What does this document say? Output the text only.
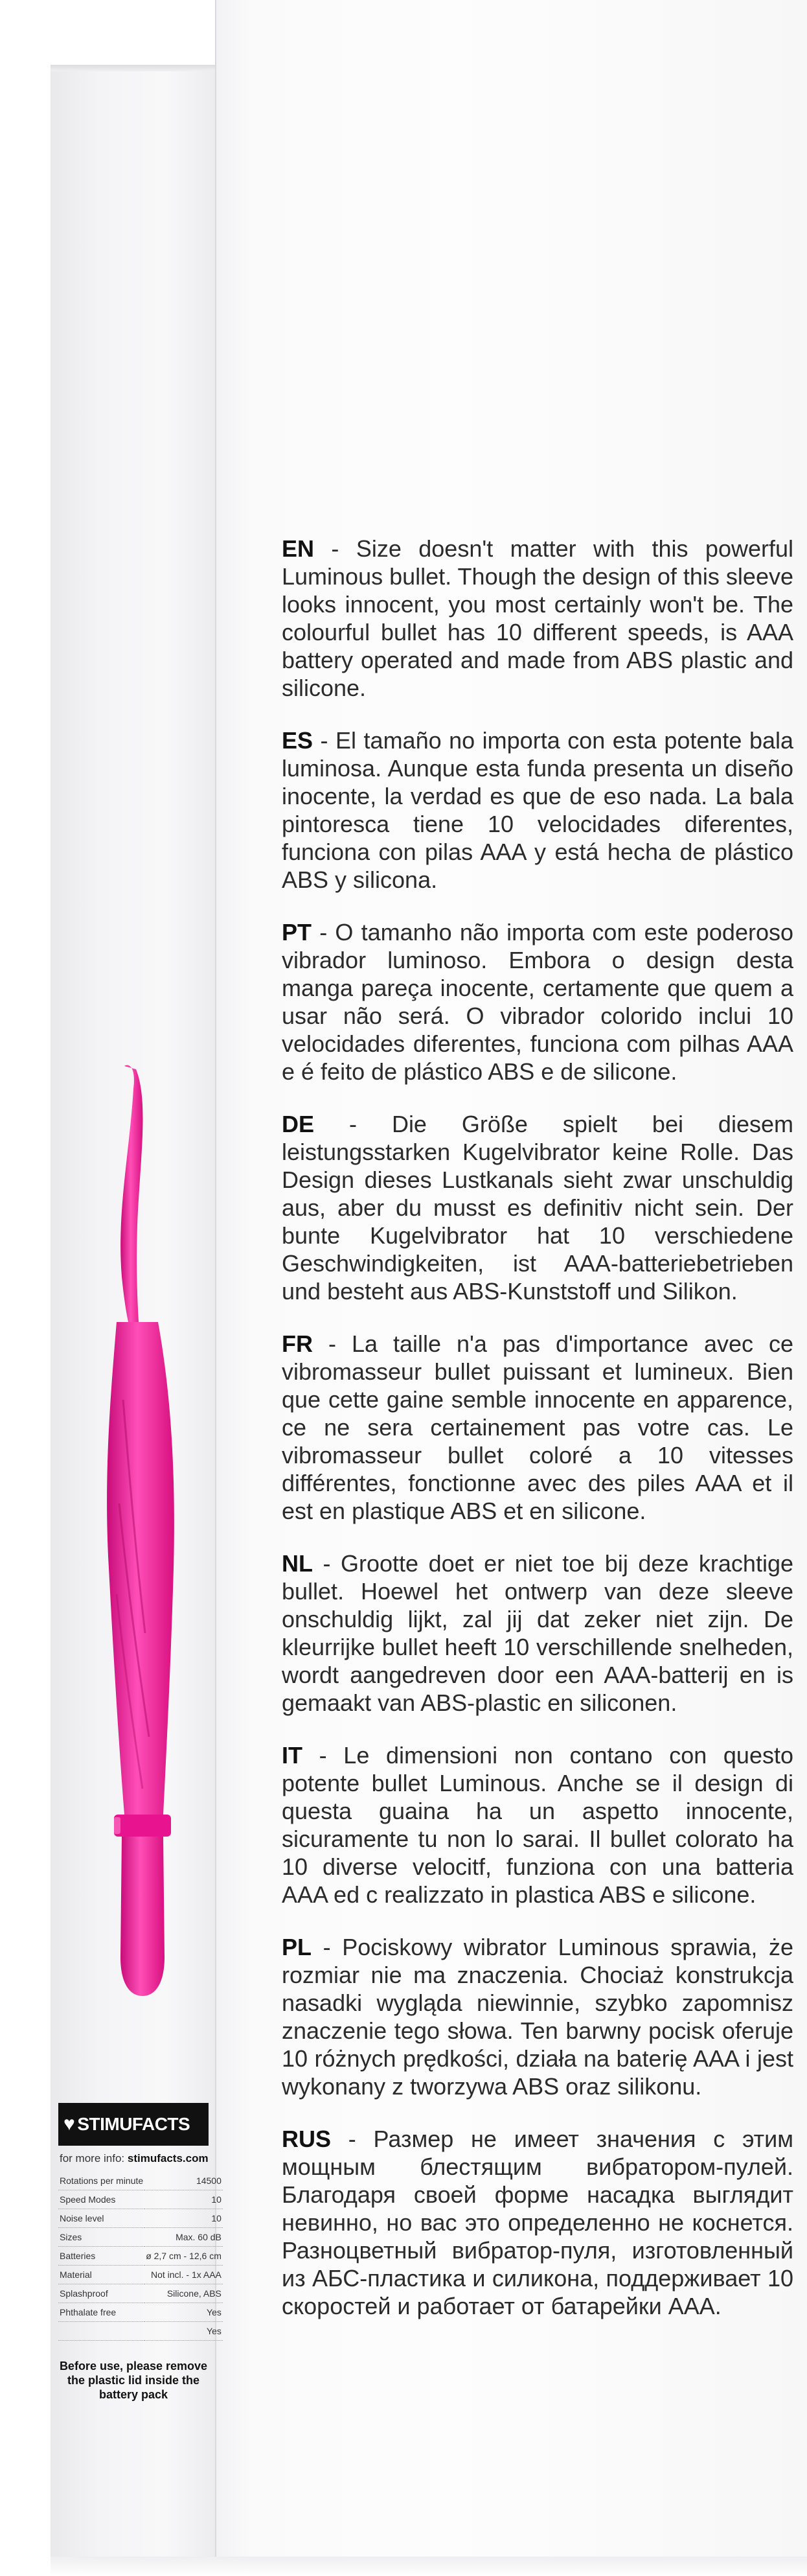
EN - Size doesn't matter with this powerful Luminous bullet. Though the design of this sleeve looks innocent, you most certainly won't be. The colourful bullet has 10 different speeds, is AAA battery operated and made from ABS plastic and silicone.

ES - El tamaño no importa con esta potente bala luminosa. Aunque esta funda presenta un diseño inocente, la verdad es que de eso nada. La bala pintoresca tiene 10 velocidades diferentes, funciona con pilas AAA y está hecha de plástico ABS y silicona.

PT - O tamanho não importa com este poderoso vibrador luminoso. Embora o design desta manga pareça inocente, certamente que quem a usar não será. O vibrador colorido inclui 10 velocidades diferentes, funciona com pilhas AAA e é feito de plástico ABS e de silicone.

DE - Die Größe spielt bei diesem leistungsstarken Kugelvibrator keine Rolle. Das Design dieses Lustkanals sieht zwar unschuldig aus, aber du musst es definitiv nicht sein. Der bunte Kugelvibrator hat 10 verschiedene Geschwindigkeiten, ist AAA-batteriebetrieben und besteht aus ABS-Kunststoff und Silikon.

FR - La taille n'a pas d'importance avec ce vibromasseur bullet puissant et lumineux. Bien que cette gaine semble innocente en apparence, ce ne sera certainement pas votre cas. Le vibromasseur bullet coloré a 10 vitesses différentes, fonctionne avec des piles AAA et il est en plastique ABS et en silicone.

NL - Grootte doet er niet toe bij deze krachtige bullet. Hoewel het ontwerp van deze sleeve onschuldig lijkt, zal jij dat zeker niet zijn. De kleurrijke bullet heeft 10 verschillende snelheden, wordt aangedreven door een AAA-batterij en is gemaakt van ABS-plastic en siliconen.

IT - Le dimensioni non contano con questo potente bullet Luminous. Anche se il design di questa guaina ha un aspetto innocente, sicuramente tu non lo sarai. Il bullet colorato ha 10 diverse velocitf, funziona con una batteria AAA ed c realizzato in plastica ABS e silicone.

PL - Pociskowy wibrator Luminous sprawia, że rozmiar nie ma znaczenia. Chociaż konstrukcja nasadki wygląda niewinnie, szybko zapomnisz znaczenie tego słowa. Ten barwny pocisk oferuje 10 różnych prędkości, działa na baterię AAA i jest wykonany z tworzywa ABS oraz silikonu.

RUS - Размер не имеет значения с этим мощным блестящим вибратором-пулей. Благодаря своей форме насадка выглядит невинно, но вас это определенно не коснется. Разноцветный вибратор-пуля, изготовленный из АБС-пластика и силикона, поддерживает 10 скоростей и работает от батарейки ААА.

♥ STIMUFACTS
for more info: stimufacts.com
Rotations per minute	14500
Speed Modes	10
Noise level	10
Sizes	Max. 60 dB
Batteries	ø 2,7 cm - 12,6 cm
Material	Not incl. - 1x AAA
Splashproof	Silicone, ABS
Phthalate free	Yes
	Yes
Before use, please remove the plastic lid inside the battery pack
